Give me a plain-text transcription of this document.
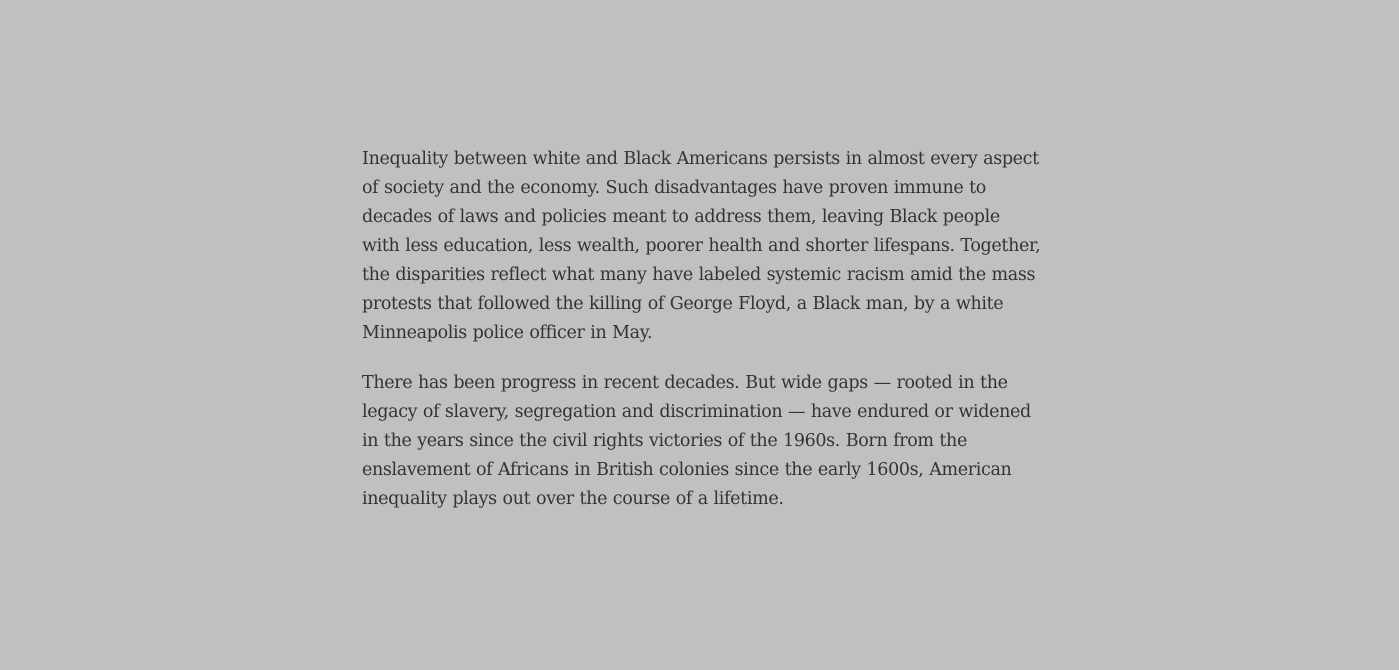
Inequality between white and Black Americans persists in almost every aspect of society and the economy. Such disadvantages have proven immune to decades of laws and policies meant to address them, leaving Black people with less education, less wealth, poorer health and shorter lifespans. Together, the disparities reflect what many have labeled systemic racism amid the mass protests that followed the killing of George Floyd, a Black man, by a white Minneapolis police officer in May.

There has been progress in recent decades. But wide gaps — rooted in the legacy of slavery, segregation and discrimination — have endured or widened in the years since the civil rights victories of the 1960s. Born from the enslavement of Africans in British colonies since the early 1600s, American inequality plays out over the course of a lifetime.
